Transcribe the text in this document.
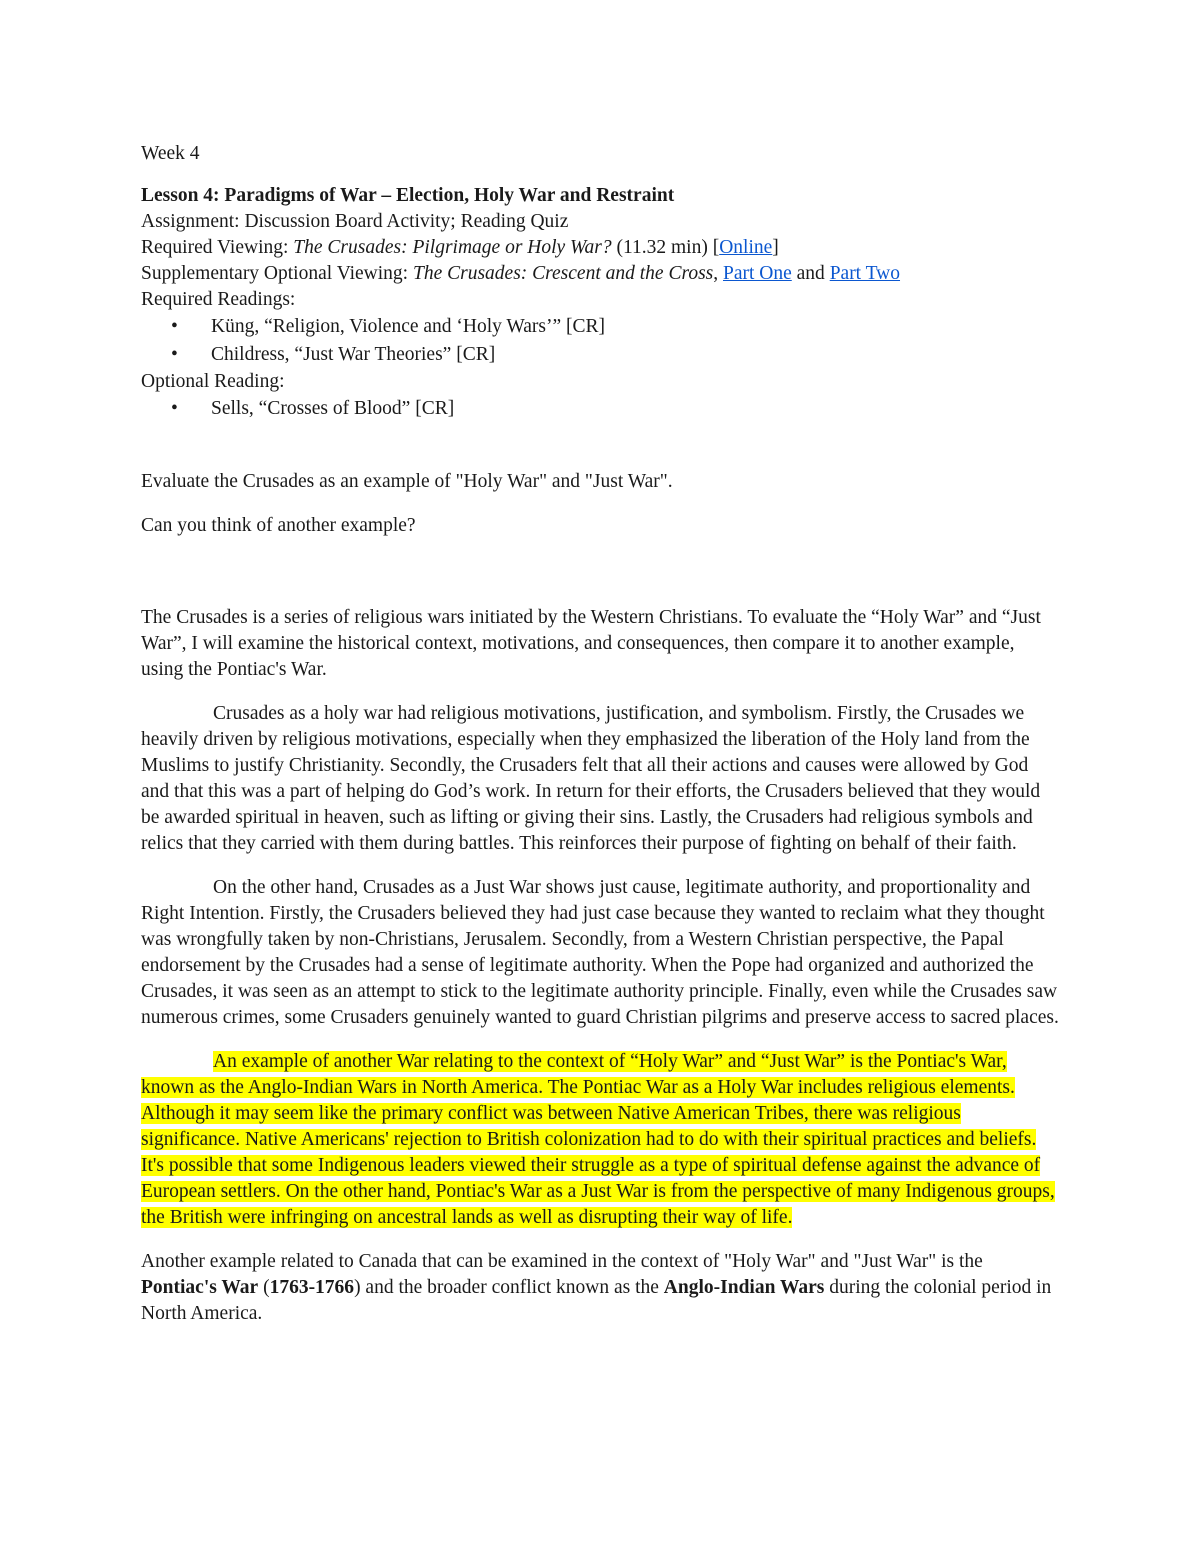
Week 4

Lesson 4: Paradigms of War – Election, Holy War and Restraint

Assignment: Discussion Board Activity; Reading Quiz

Required Viewing: The Crusades: Pilgrimage or Holy War? (11.32 min) [Online]

Supplementary Optional Viewing: The Crusades: Crescent and the Cross, Part One and Part Two

Required Readings:

• Küng, “Religion, Violence and ‘Holy Wars’” [CR]
• Childress, “Just War Theories” [CR]

Optional Reading:

• Sells, “Crosses of Blood” [CR]

Evaluate the Crusades as an example of "Holy War" and "Just War".

Can you think of another example?

The Crusades is a series of religious wars initiated by the Western Christians. To evaluate the “Holy War” and “Just War”, I will examine the historical context, motivations, and consequences, then compare it to another example, using the Pontiac's War.

Crusades as a holy war had religious motivations, justification, and symbolism. Firstly, the Crusades we heavily driven by religious motivations, especially when they emphasized the liberation of the Holy land from the Muslims to justify Christianity. Secondly, the Crusaders felt that all their actions and causes were allowed by God and that this was a part of helping do God’s work. In return for their efforts, the Crusaders believed that they would be awarded spiritual in heaven, such as lifting or giving their sins. Lastly, the Crusaders had religious symbols and relics that they carried with them during battles. This reinforces their purpose of fighting on behalf of their faith.

On the other hand, Crusades as a Just War shows just cause, legitimate authority, and proportionality and Right Intention. Firstly, the Crusaders believed they had just case because they wanted to reclaim what they thought was wrongfully taken by non-Christians, Jerusalem. Secondly, from a Western Christian perspective, the Papal endorsement by the Crusades had a sense of legitimate authority. When the Pope had organized and authorized the Crusades, it was seen as an attempt to stick to the legitimate authority principle. Finally, even while the Crusades saw numerous crimes, some Crusaders genuinely wanted to guard Christian pilgrims and preserve access to sacred places.

An example of another War relating to the context of “Holy War” and “Just War” is the Pontiac's War, known as the Anglo-Indian Wars in North America. The Pontiac War as a Holy War includes religious elements. Although it may seem like the primary conflict was between Native American Tribes, there was religious significance. Native Americans' rejection to British colonization had to do with their spiritual practices and beliefs. It's possible that some Indigenous leaders viewed their struggle as a type of spiritual defense against the advance of European settlers. On the other hand, Pontiac's War as a Just War is from the perspective of many Indigenous groups, the British were infringing on ancestral lands as well as disrupting their way of life.

Another example related to Canada that can be examined in the context of "Holy War" and "Just War" is the Pontiac's War (1763-1766) and the broader conflict known as the Anglo-Indian Wars during the colonial period in North America.
